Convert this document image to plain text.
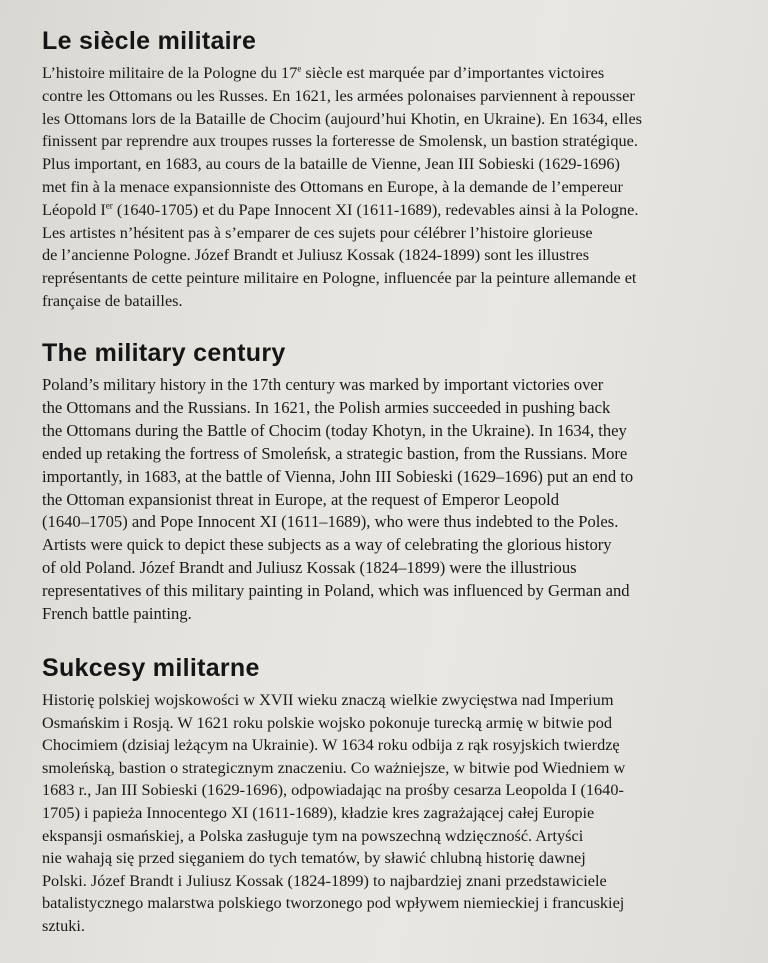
Le siècle militaire
L’histoire militaire de la Pologne du 17e siècle est marquée par d’importantes victoires
contre les Ottomans ou les Russes. En 1621, les armées polonaises parviennent à repousser
les Ottomans lors de la Bataille de Chocim (aujourd’hui Khotin, en Ukraine). En 1634, elles
finissent par reprendre aux troupes russes la forteresse de Smolensk, un bastion stratégique.
Plus important, en 1683, au cours de la bataille de Vienne, Jean III Sobieski (1629-1696)
met fin à la menace expansionniste des Ottomans en Europe, à la demande de l’empereur
Léopold Ier (1640-1705) et du Pape Innocent XI (1611-1689), redevables ainsi à la Pologne.
Les artistes n’hésitent pas à s’emparer de ces sujets pour célébrer l’histoire glorieuse
de l’ancienne Pologne. Józef Brandt et Juliusz Kossak (1824-1899) sont les illustres
représentants de cette peinture militaire en Pologne, influencée par la peinture allemande et
française de batailles.
The military century
Poland’s military history in the 17th century was marked by important victories over
the Ottomans and the Russians. In 1621, the Polish armies succeeded in pushing back
the Ottomans during the Battle of Chocim (today Khotyn, in the Ukraine). In 1634, they
ended up retaking the fortress of Smoleńsk, a strategic bastion, from the Russians. More
importantly, in 1683, at the battle of Vienna, John III Sobieski (1629–1696) put an end to
the Ottoman expansionist threat in Europe, at the request of Emperor Leopold
(1640–1705) and Pope Innocent XI (1611–1689), who were thus indebted to the Poles.
Artists were quick to depict these subjects as a way of celebrating the glorious history
of old Poland. Józef Brandt and Juliusz Kossak (1824–1899) were the illustrious
representatives of this military painting in Poland, which was influenced by German and
French battle painting.
Sukcesy militarne
Historię polskiej wojskowości w XVII wieku znaczą wielkie zwycięstwa nad Imperium
Osmańskim i Rosją. W 1621 roku polskie wojsko pokonuje turecką armię w bitwie pod
Chocimiem (dzisiaj leżącym na Ukrainie). W 1634 roku odbija z rąk rosyjskich twierdzę
smoleńską, bastion o strategicznym znaczeniu. Co ważniejsze, w bitwie pod Wiedniem w
1683 r., Jan III Sobieski (1629-1696), odpowiadając na prośby cesarza Leopolda I (1640-
1705) i papieża Innocentego XI (1611-1689), kładzie kres zagrażającej całej Europie
ekspansji osmańskiej, a Polska zasługuje tym na powszechną wdzięczność. Artyści
nie wahają się przed sięganiem do tych tematów, by sławić chlubną historię dawnej
Polski. Józef Brandt i Juliusz Kossak (1824-1899) to najbardziej znani przedstawiciele
batalistycznego malarstwa polskiego tworzonego pod wpływem niemieckiej i francuskiej
sztuki.
